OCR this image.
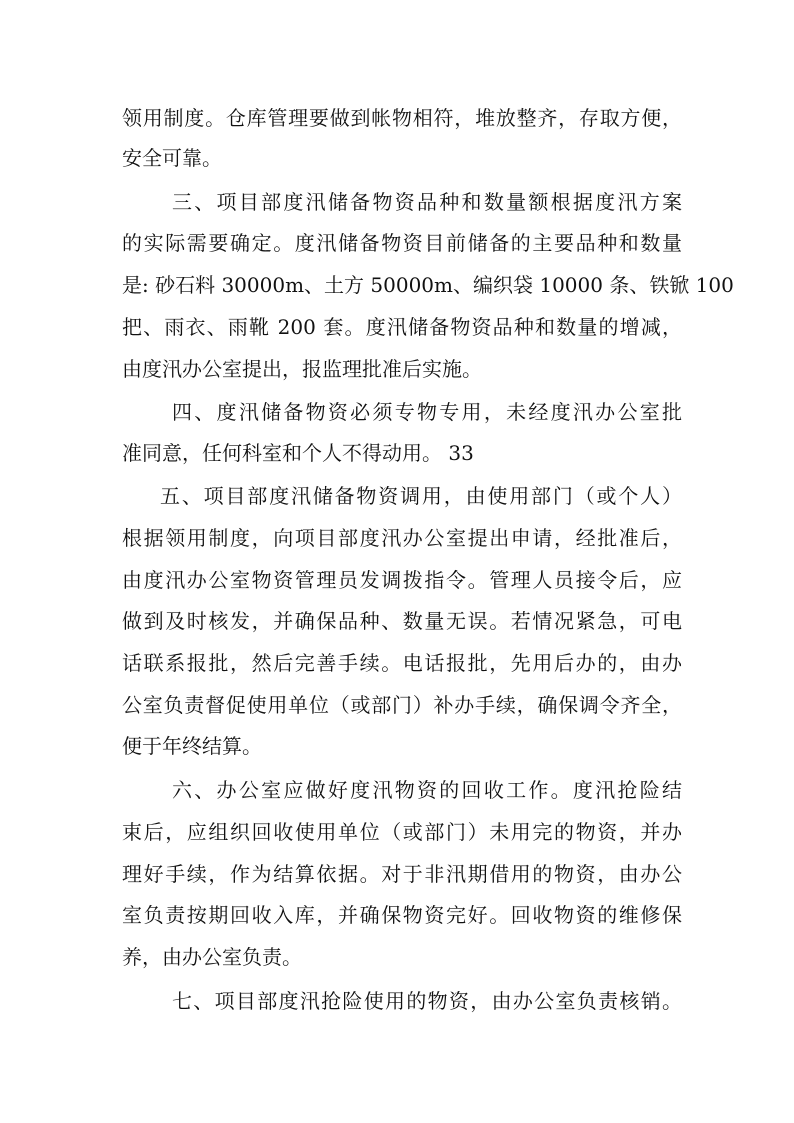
领用制度。仓库管理要做到帐物相符，堆放整齐，存取方便，
安全可靠。
三、项目部度汛储备物资品种和数量额根据度汛方案
的实际需要确定。度汛储备物资目前储备的主要品种和数量
是: 砂石料 30000m、土方 50000m、编织袋 10000 条、铁锨 100
把、雨衣、雨靴 200 套。度汛储备物资品种和数量的增减，
由度汛办公室提出，报监理批准后实施。
四、度汛储备物资必须专物专用，未经度汛办公室批
准同意，任何科室和个人不得动用。 33
五、项目部度汛储备物资调用，由使用部门（或个人）
根据领用制度，向项目部度汛办公室提出申请，经批准后，
由度汛办公室物资管理员发调拨指令。管理人员接令后，应
做到及时核发，并确保品种、数量无误。若情况紧急，可电
话联系报批，然后完善手续。电话报批，先用后办的，由办
公室负责督促使用单位（或部门）补办手续，确保调令齐全，
便于年终结算。
六、办公室应做好度汛物资的回收工作。度汛抢险结
束后，应组织回收使用单位（或部门）未用完的物资，并办
理好手续，作为结算依据。对于非汛期借用的物资，由办公
室负责按期回收入库，并确保物资完好。回收物资的维修保
养，由办公室负责。
七、项目部度汛抢险使用的物资，由办公室负责核销。
